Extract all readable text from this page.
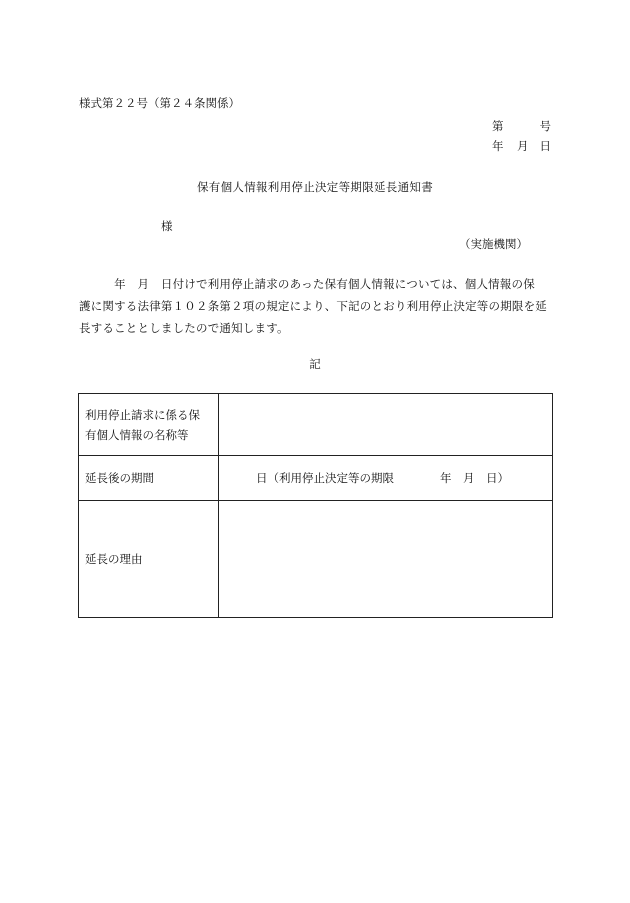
様式第２２号（第２４条関係）
第	号
年 月 日
保有個人情報利用停止決定等期限延長通知書
様
（実施機関）
　　　年　月　日付けで利用停止請求のあった保有個人情報については、個人情報の保
護に関する法律第１０２条第２項の規定により、下記のとおり利用停止決定等の期限を延
長することとしましたので通知します。
記
利用停止請求に係る保
有個人情報の名称等
延長後の期間	日（利用停止決定等の期限　　　　年　月　日）
延長の理由
